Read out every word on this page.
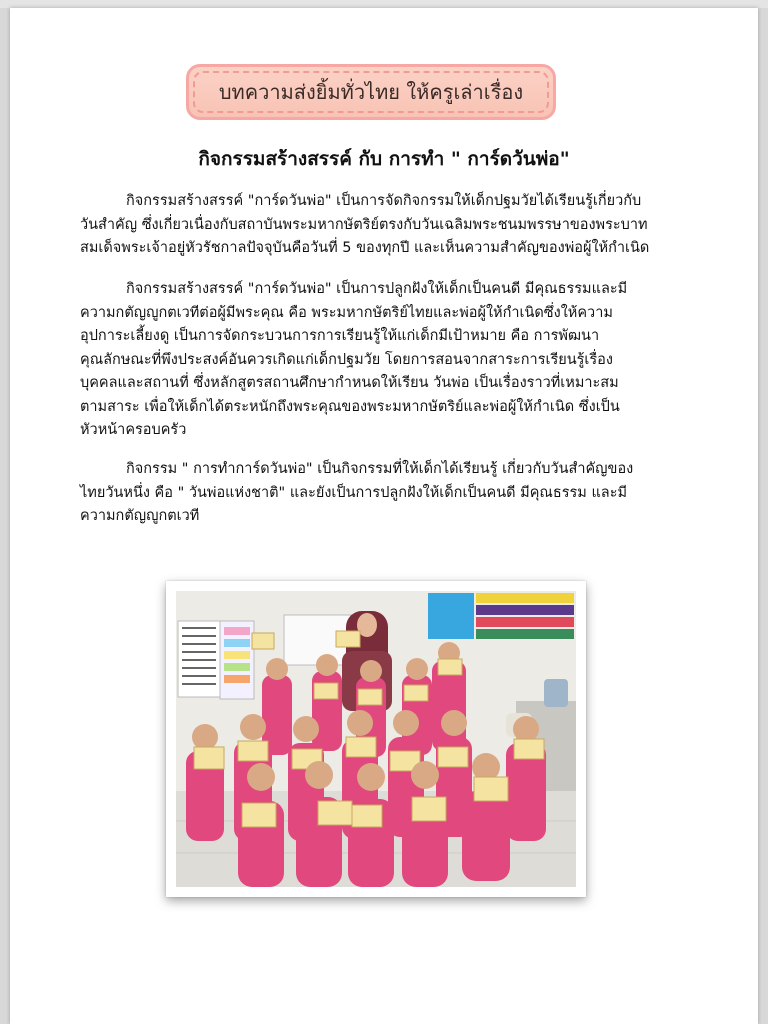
บทความส่งยิ้มทั่วไทย ให้ครูเล่าเรื่อง
กิจกรรมสร้างสรรค์ กับ การทำ " การ์ดวันพ่อ"
กิจกรรมสร้างสรรค์ "การ์ดวันพ่อ" เป็นการจัดกิจกรรมให้เด็กปฐมวัยได้เรียนรู้เกี่ยวกับ
วันสำคัญ ซึ่งเกี่ยวเนื่องกับสถาบันพระมหากษัตริย์ตรงกับวันเฉลิมพระชนมพรรษาของพระบาท
สมเด็จพระเจ้าอยู่หัวรัชกาลปัจจุบันคือวันที่ 5 ของทุกปี และเห็นความสำคัญของพ่อผู้ให้กำเนิด
กิจกรรมสร้างสรรค์ "การ์ดวันพ่อ" เป็นการปลูกฝังให้เด็กเป็นคนดี มีคุณธรรมและมี
ความกตัญญูกตเวทีต่อผู้มีพระคุณ คือ พระมหากษัตริย์ไทยและพ่อผู้ให้กำเนิดซึ่งให้ความ
อุปการะเลี้ยงดู เป็นการจัดกระบวนการการเรียนรู้ให้แก่เด็กมีเป้าหมาย คือ การพัฒนา
คุณลักษณะที่พึงประสงค์อันควรเกิดแก่เด็กปฐมวัย โดยการสอนจากสาระการเรียนรู้เรื่อง
บุคคลและสถานที่ ซึ่งหลักสูตรสถานศึกษากำหนดให้เรียน วันพ่อ เป็นเรื่องราวที่เหมาะสม
ตามสาระ เพื่อให้เด็กได้ตระหนักถึงพระคุณของพระมหากษัตริย์และพ่อผู้ให้กำเนิด ซึ่งเป็น
หัวหน้าครอบครัว
กิจกรรม " การทำการ์ดวันพ่อ" เป็นกิจกรรมที่ให้เด็กได้เรียนรู้ เกี่ยวกับวันสำคัญของ
ไทยวันหนึ่ง คือ " วันพ่อแห่งชาติ" และยังเป็นการปลูกฝังให้เด็กเป็นคนดี มีคุณธรรม และมี
ความกตัญญูกตเวที
